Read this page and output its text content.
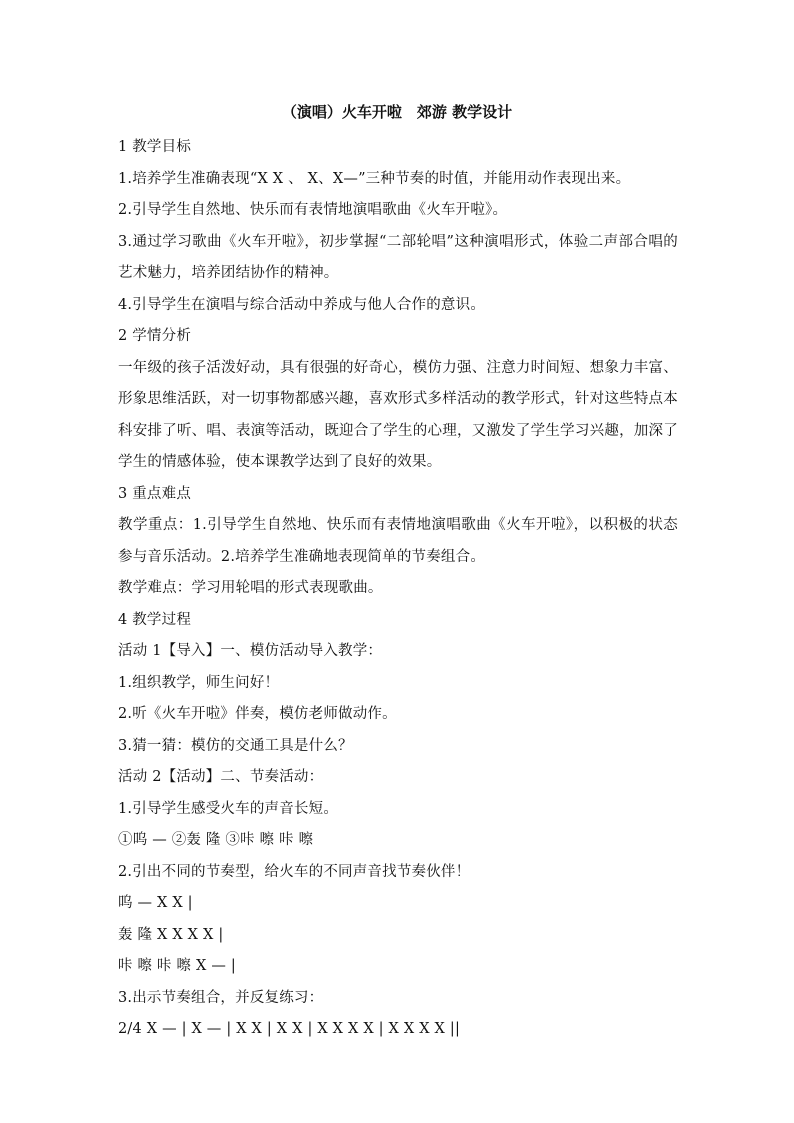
（演唱）火车开啦　郊游 教学设计
1 教学目标
1.培养学生准确表现“X X 、 X、X—”三种节奏的时值，并能用动作表现出来。
2.引导学生自然地、快乐而有表情地演唱歌曲《火车开啦》。
3.通过学习歌曲《火车开啦》，初步掌握“二部轮唱”这种演唱形式，体验二声部合唱的艺术魅力，培养团结协作的精神。
4.引导学生在演唱与综合活动中养成与他人合作的意识。
2 学情分析
一年级的孩子活泼好动，具有很强的好奇心，模仿力强、注意力时间短、想象力丰富、形象思维活跃，对一切事物都感兴趣，喜欢形式多样活动的教学形式，针对这些特点本科安排了听、唱、表演等活动，既迎合了学生的心理，又激发了学生学习兴趣，加深了学生的情感体验，使本课教学达到了良好的效果。
3 重点难点
教学重点：1.引导学生自然地、快乐而有表情地演唱歌曲《火车开啦》，以积极的状态参与音乐活动。2.培养学生准确地表现简单的节奏组合。
教学难点：学习用轮唱的形式表现歌曲。
4 教学过程
活动 1【导入】一、模仿活动导入教学：
1.组织教学，师生问好！
2.听《火车开啦》伴奏，模仿老师做动作。
3.猜一猜：模仿的交通工具是什么？
活动 2【活动】二、节奏活动：
1.引导学生感受火车的声音长短。
①呜 — ②轰 隆 ③咔 嚓 咔 嚓
2.引出不同的节奏型，给火车的不同声音找节奏伙伴！
呜 — X X |
轰 隆 X X X X |
咔 嚓 咔 嚓 X — |
3.出示节奏组合，并反复练习：
2/4 X — | X — | X X | X X | X X X X | X X X X ||
